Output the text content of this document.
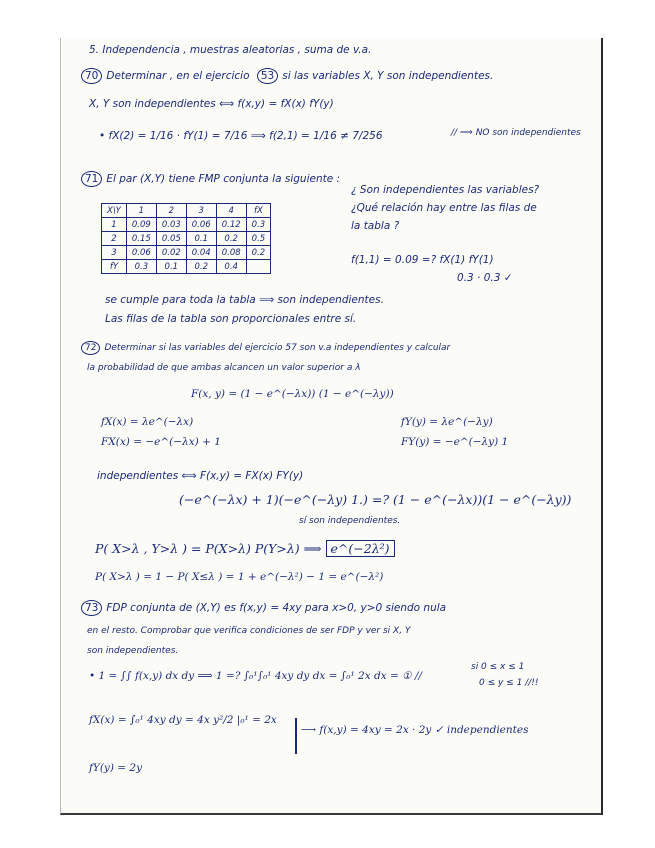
5. Independencia , muestras aleatorias , suma de v.a.
70 Determinar , en el ejercicio 53 si las variables X, Y son independientes.
X, Y son independientes ⟺ f(x,y) = fX(x) fY(y)
• fX(2) = 1/16 · fY(1) = 7/16 ⟹ f(2,1) = 1/16 ≠ 7/256	// ⟹ NO son independientes
71 El par (X,Y) tiene FMP conjunta la siguiente :
X\Y	1	2	3	4	fX
1	0.09	0.03	0.06	0.12	0.3
2	0.15	0.05	0.1	0.2	0.5
3	0.06	0.02	0.04	0.08	0.2
fY	0.3	0.1	0.2	0.4	
¿ Son independientes las variables?
¿Qué relación hay entre las filas de
la tabla ?
f(1,1) = 0.09 =? fX(1) fY(1)
0.3 · 0.3 ✓
se cumple para toda la tabla ⟹ son independientes.
Las filas de la tabla son proporcionales entre sí.
72 Determinar si las variables del ejercicio 57 son v.a independientes y calcular
la probabilidad de que ambas alcancen un valor superior a λ
F(x, y) = (1 − e^(−λx)) (1 − e^(−λy))
fX(x) = λe^(−λx)
FX(x) = −e^(−λx) + 1
fY(y) = λe^(−λy)
FY(y) = −e^(−λy) 1
independientes ⟺ F(x,y) = FX(x) FY(y)
(−e^(−λx) + 1)(−e^(−λy) 1.) =? (1 − e^(−λx))(1 − e^(−λy))
sí son independientes.
P( X>λ , Y>λ ) = P(X>λ) P(Y>λ) ⟹ e^(−2λ²)
P( X>λ ) = 1 − P( X≤λ ) = 1 + e^(−λ²) − 1 = e^(−λ²)
73 FDP conjunta de (X,Y) es f(x,y) = 4xy para x>0, y>0 siendo nula
en el resto. Comprobar que verifica condiciones de ser FDP y ver si X, Y
son independientes.
• 1 = ∫∫ f(x,y) dx dy ⟹ 1 =? ∫₀¹∫₀¹ 4xy dy dx = ∫₀¹ 2x dx = ① //
si 0 ≤ x ≤ 1
0 ≤ y ≤ 1 //!!
fX(x) = ∫₀¹ 4xy dy = 4x y²/2 |₀¹ = 2x
⟶ f(x,y) = 4xy = 2x · 2y ✓ independientes
fY(y) = 2y
